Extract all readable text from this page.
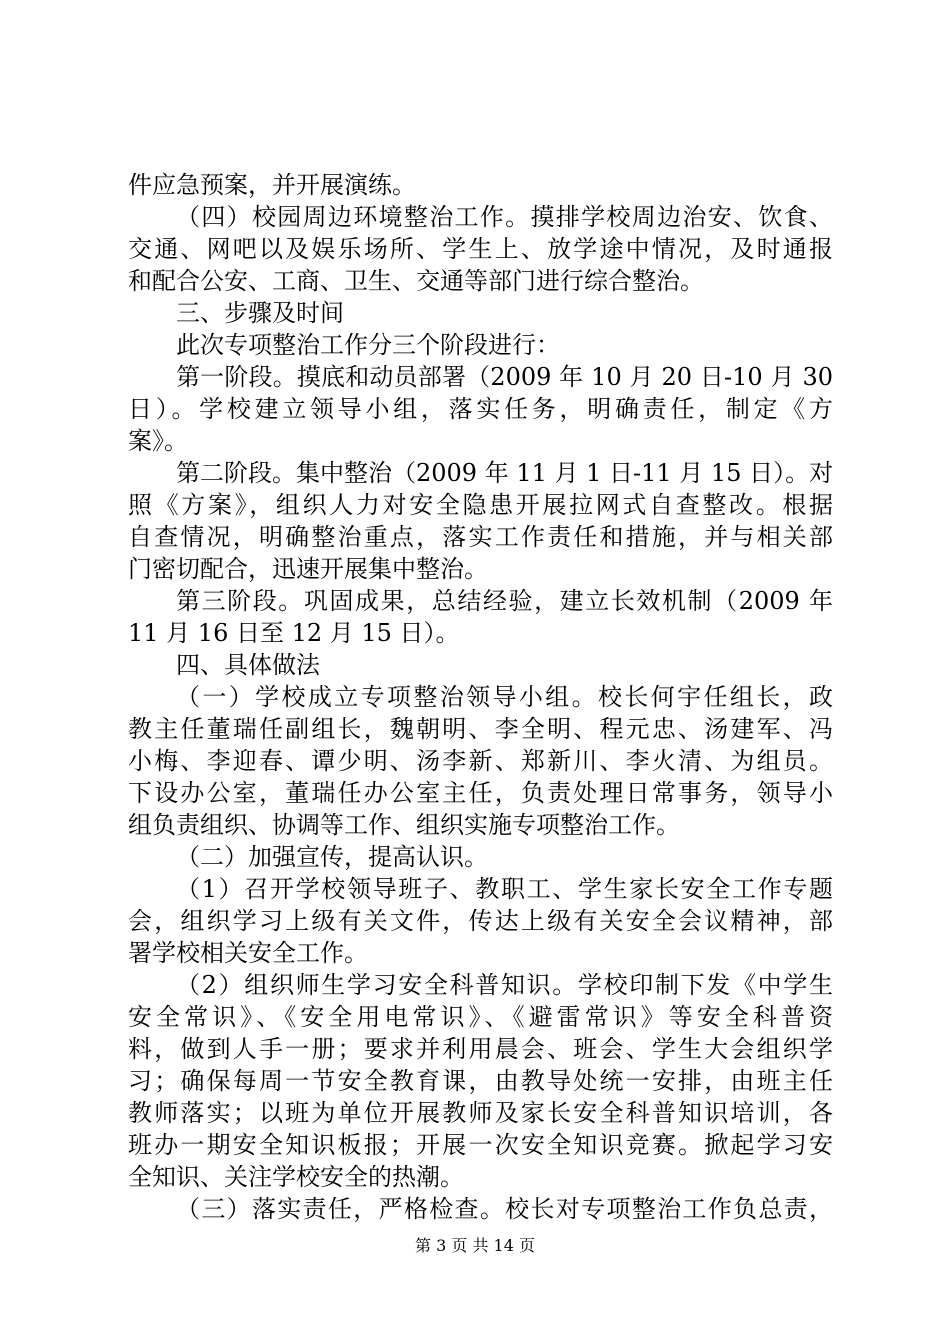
件应急预案，并开展演练。
（四）校园周边环境整治工作。摸排学校周边治安、饮食、
交通、网吧以及娱乐场所、学生上、放学途中情况，及时通报
和配合公安、工商、卫生、交通等部门进行综合整治。
三、步骤及时间
此次专项整治工作分三个阶段进行：
第一阶段。摸底和动员部署（2009 年 10 月 20 日-10 月 30
日）。学校建立领导小组，落实任务，明确责任，制定《方
案》。
第二阶段。集中整治（2009 年 11 月 1 日-11 月 15 日）。对
照《方案》，组织人力对安全隐患开展拉网式自查整改。根据
自查情况，明确整治重点，落实工作责任和措施，并与相关部
门密切配合，迅速开展集中整治。
第三阶段。巩固成果，总结经验，建立长效机制（2009 年
11 月 16 日至 12 月 15 日）。
四、具体做法
（一）学校成立专项整治领导小组。校长何宇任组长，政
教主任董瑞任副组长，魏朝明、李全明、程元忠、汤建军、冯
小梅、李迎春、谭少明、汤李新、郑新川、李火清、为组员。
下设办公室，董瑞任办公室主任，负责处理日常事务，领导小
组负责组织、协调等工作、组织实施专项整治工作。
（二）加强宣传，提高认识。
（1）召开学校领导班子、教职工、学生家长安全工作专题
会，组织学习上级有关文件，传达上级有关安全会议精神，部
署学校相关安全工作。
（2）组织师生学习安全科普知识。学校印制下发《中学生
安全常识》、《安全用电常识》、《避雷常识》等安全科普资
料，做到人手一册；要求并利用晨会、班会、学生大会组织学
习；确保每周一节安全教育课，由教导处统一安排，由班主任
教师落实；以班为单位开展教师及家长安全科普知识培训，各
班办一期安全知识板报；开展一次安全知识竞赛。掀起学习安
全知识、关注学校安全的热潮。
（三）落实责任，严格检查。校长对专项整治工作负总责，
第 3 页 共 14 页
